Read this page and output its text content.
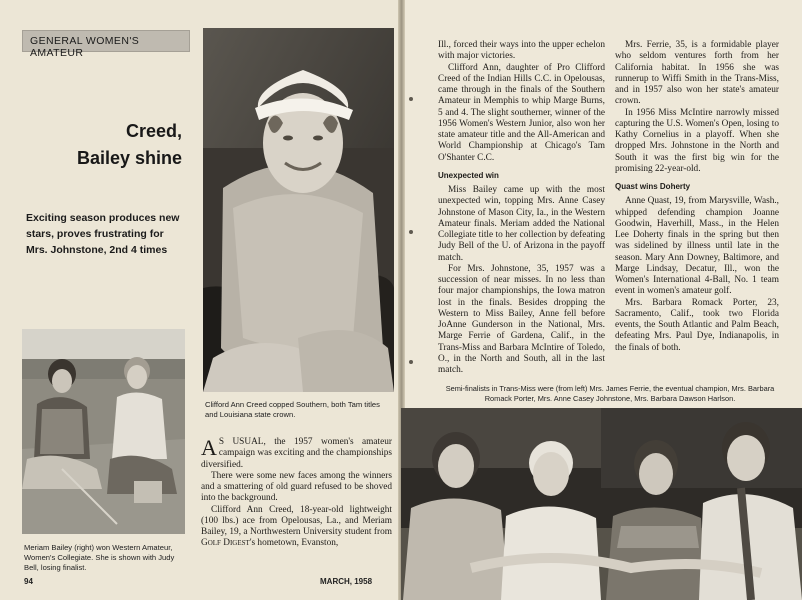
GENERAL WOMEN'S AMATEUR
Creed,
Bailey shine
Exciting season produces new stars, proves frustrating for Mrs. Johnstone, 2nd 4 times
Clifford Ann Creed copped Southern, both Tam titles and Louisiana state crown.
Meriam Bailey (right) won Western Amateur, Women's Collegiate. She is shown with Judy Bell, losing finalist.

A S USUAL, the 1957 women's amateur campaign was exciting and the championships diversified.

There were some new faces among the winners and a smattering of old guard refused to be shoved into the background.

Clifford Ann Creed, 18-year-old lightweight (100 lbs.) ace from Opelousas, La., and Meriam Bailey, 19, a Northwestern University student from Golf Digest's hometown, Evanston,

94	MARCH, 1958

Ill., forced their ways into the upper echelon with major victories.

Clifford Ann, daughter of Pro Clifford Creed of the Indian Hills C.C. in Opelousas, came through in the finals of the Southern Amateur in Memphis to whip Marge Burns, 5 and 4. The slight southerner, winner of the 1956 Women's Western Junior, also won her state amateur title and the All-American and World Championship at Chicago's Tam O'Shanter C.C.

Unexpected win

Miss Bailey came up with the most unexpected win, topping Mrs. Anne Casey Johnstone of Mason City, Ia., in the Western Amateur finals. Meriam added the National Collegiate title to her collection by defeating Judy Bell of the U. of Arizona in the payoff match.

For Mrs. Johnstone, 35, 1957 was a succession of near misses. In no less than four major championships, the Iowa matron lost in the finals. Besides dropping the Western to Miss Bailey, Anne fell before JoAnne Gunderson in the National, Mrs. Marge Ferrie of Gardena, Calif., in the Trans-Miss and Barbara McIntire of Toledo, O., in the North and South, all in the last match.

Mrs. Ferrie, 35, is a formidable player who seldom ventures forth from her California habitat. In 1956 she was runnerup to Wiffi Smith in the Trans-Miss, and in 1957 also won her state's amateur crown.

In 1956 Miss McIntire narrowly missed capturing the U.S. Women's Open, losing to Kathy Cornelius in a playoff. When she dropped Mrs. Johnstone in the North and South it was the first big win for the promising 22-year-old.

Quast wins Doherty

Anne Quast, 19, from Marysville, Wash., whipped defending champion Joanne Goodwin, Haverhill, Mass., in the Helen Lee Doherty finals in the spring but then was sidelined by illness until late in the season. Mary Ann Downey, Baltimore, and Marge Lindsay, Decatur, Ill., won the Women's International 4-Ball, No. 1 team event in women's amateur golf.

Mrs. Barbara Romack Porter, 23, Sacramento, Calif., took two Florida events, the South Atlantic and Palm Beach, defeating Mrs. Paul Dye, Indianapolis, in the finals of both.

Semi-finalists in Trans-Miss were (from left) Mrs. James Ferrie, the eventual champion, Mrs. Barbara Romack Porter, Mrs. Anne Casey Johnstone, Mrs. Barbara Dawson Harlson.
